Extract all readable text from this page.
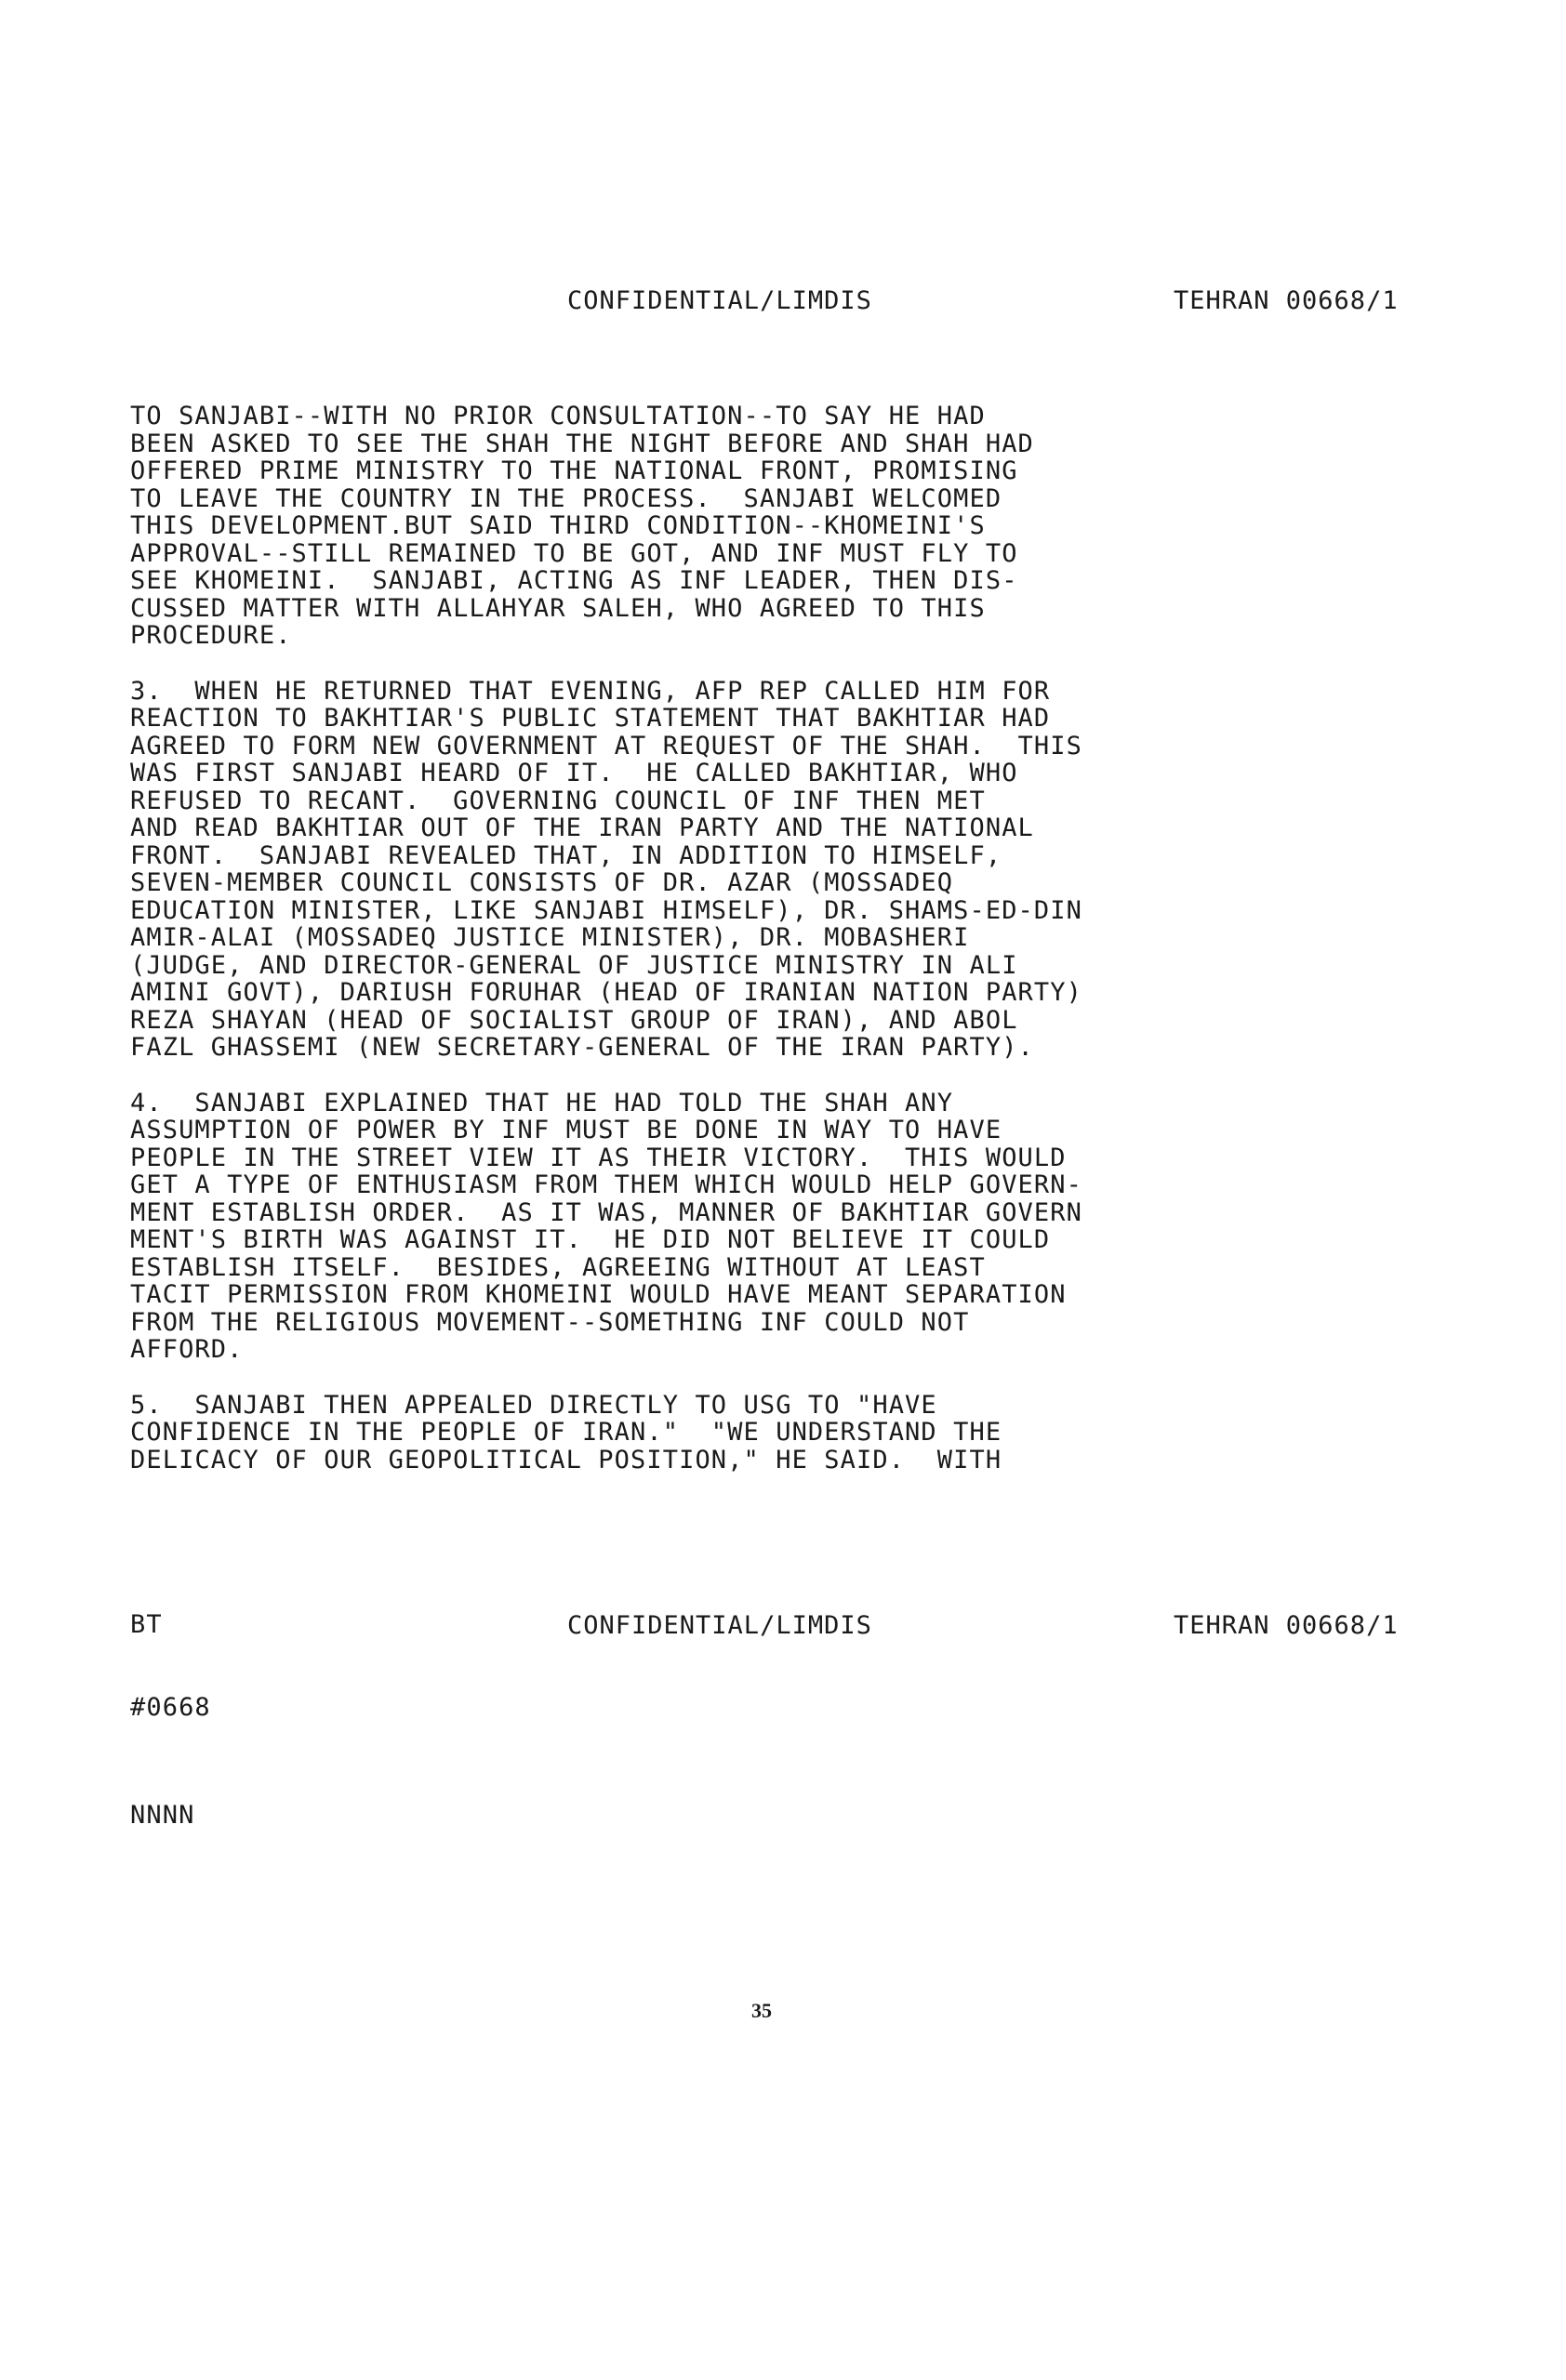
CONFIDENTIAL/LIMDIS	TEHRAN 00668/1

TO SANJABI--WITH NO PRIOR CONSULTATION--TO SAY HE HAD
BEEN ASKED TO SEE THE SHAH THE NIGHT BEFORE AND SHAH HAD
OFFERED PRIME MINISTRY TO THE NATIONAL FRONT, PROMISING
TO LEAVE THE COUNTRY IN THE PROCESS.  SANJABI WELCOMED
THIS DEVELOPMENT.BUT SAID THIRD CONDITION--KHOMEINI'S
APPROVAL--STILL REMAINED TO BE GOT, AND INF MUST FLY TO
SEE KHOMEINI.  SANJABI, ACTING AS INF LEADER, THEN DIS-
CUSSED MATTER WITH ALLAHYAR SALEH, WHO AGREED TO THIS
PROCEDURE.
3.  WHEN HE RETURNED THAT EVENING, AFP REP CALLED HIM FOR
REACTION TO BAKHTIAR'S PUBLIC STATEMENT THAT BAKHTIAR HAD
AGREED TO FORM NEW GOVERNMENT AT REQUEST OF THE SHAH.  THIS
WAS FIRST SANJABI HEARD OF IT.  HE CALLED BAKHTIAR, WHO
REFUSED TO RECANT.  GOVERNING COUNCIL OF INF THEN MET
AND READ BAKHTIAR OUT OF THE IRAN PARTY AND THE NATIONAL
FRONT.  SANJABI REVEALED THAT, IN ADDITION TO HIMSELF,
SEVEN-MEMBER COUNCIL CONSISTS OF DR. AZAR (MOSSADEQ
EDUCATION MINISTER, LIKE SANJABI HIMSELF), DR. SHAMS-ED-DIN
AMIR-ALAI (MOSSADEQ JUSTICE MINISTER), DR. MOBASHERI
(JUDGE, AND DIRECTOR-GENERAL OF JUSTICE MINISTRY IN ALI
AMINI GOVT), DARIUSH FORUHAR (HEAD OF IRANIAN NATION PARTY)
REZA SHAYAN (HEAD OF SOCIALIST GROUP OF IRAN), AND ABOL
FAZL GHASSEMI (NEW SECRETARY-GENERAL OF THE IRAN PARTY).
4.  SANJABI EXPLAINED THAT HE HAD TOLD THE SHAH ANY
ASSUMPTION OF POWER BY INF MUST BE DONE IN WAY TO HAVE
PEOPLE IN THE STREET VIEW IT AS THEIR VICTORY.  THIS WOULD
GET A TYPE OF ENTHUSIASM FROM THEM WHICH WOULD HELP GOVERN-
MENT ESTABLISH ORDER.  AS IT WAS, MANNER OF BAKHTIAR GOVERN
MENT'S BIRTH WAS AGAINST IT.  HE DID NOT BELIEVE IT COULD
ESTABLISH ITSELF.  BESIDES, AGREEING WITHOUT AT LEAST
TACIT PERMISSION FROM KHOMEINI WOULD HAVE MEANT SEPARATION
FROM THE RELIGIOUS MOVEMENT--SOMETHING INF COULD NOT
AFFORD.
5.  SANJABI THEN APPEALED DIRECTLY TO USG TO "HAVE
CONFIDENCE IN THE PEOPLE OF IRAN."  "WE UNDERSTAND THE
DELICACY OF OUR GEOPOLITICAL POSITION," HE SAID.  WITH

BT

#0668

NNNN

CONFIDENTIAL/LIMDIS	TEHRAN 00668/1
35
